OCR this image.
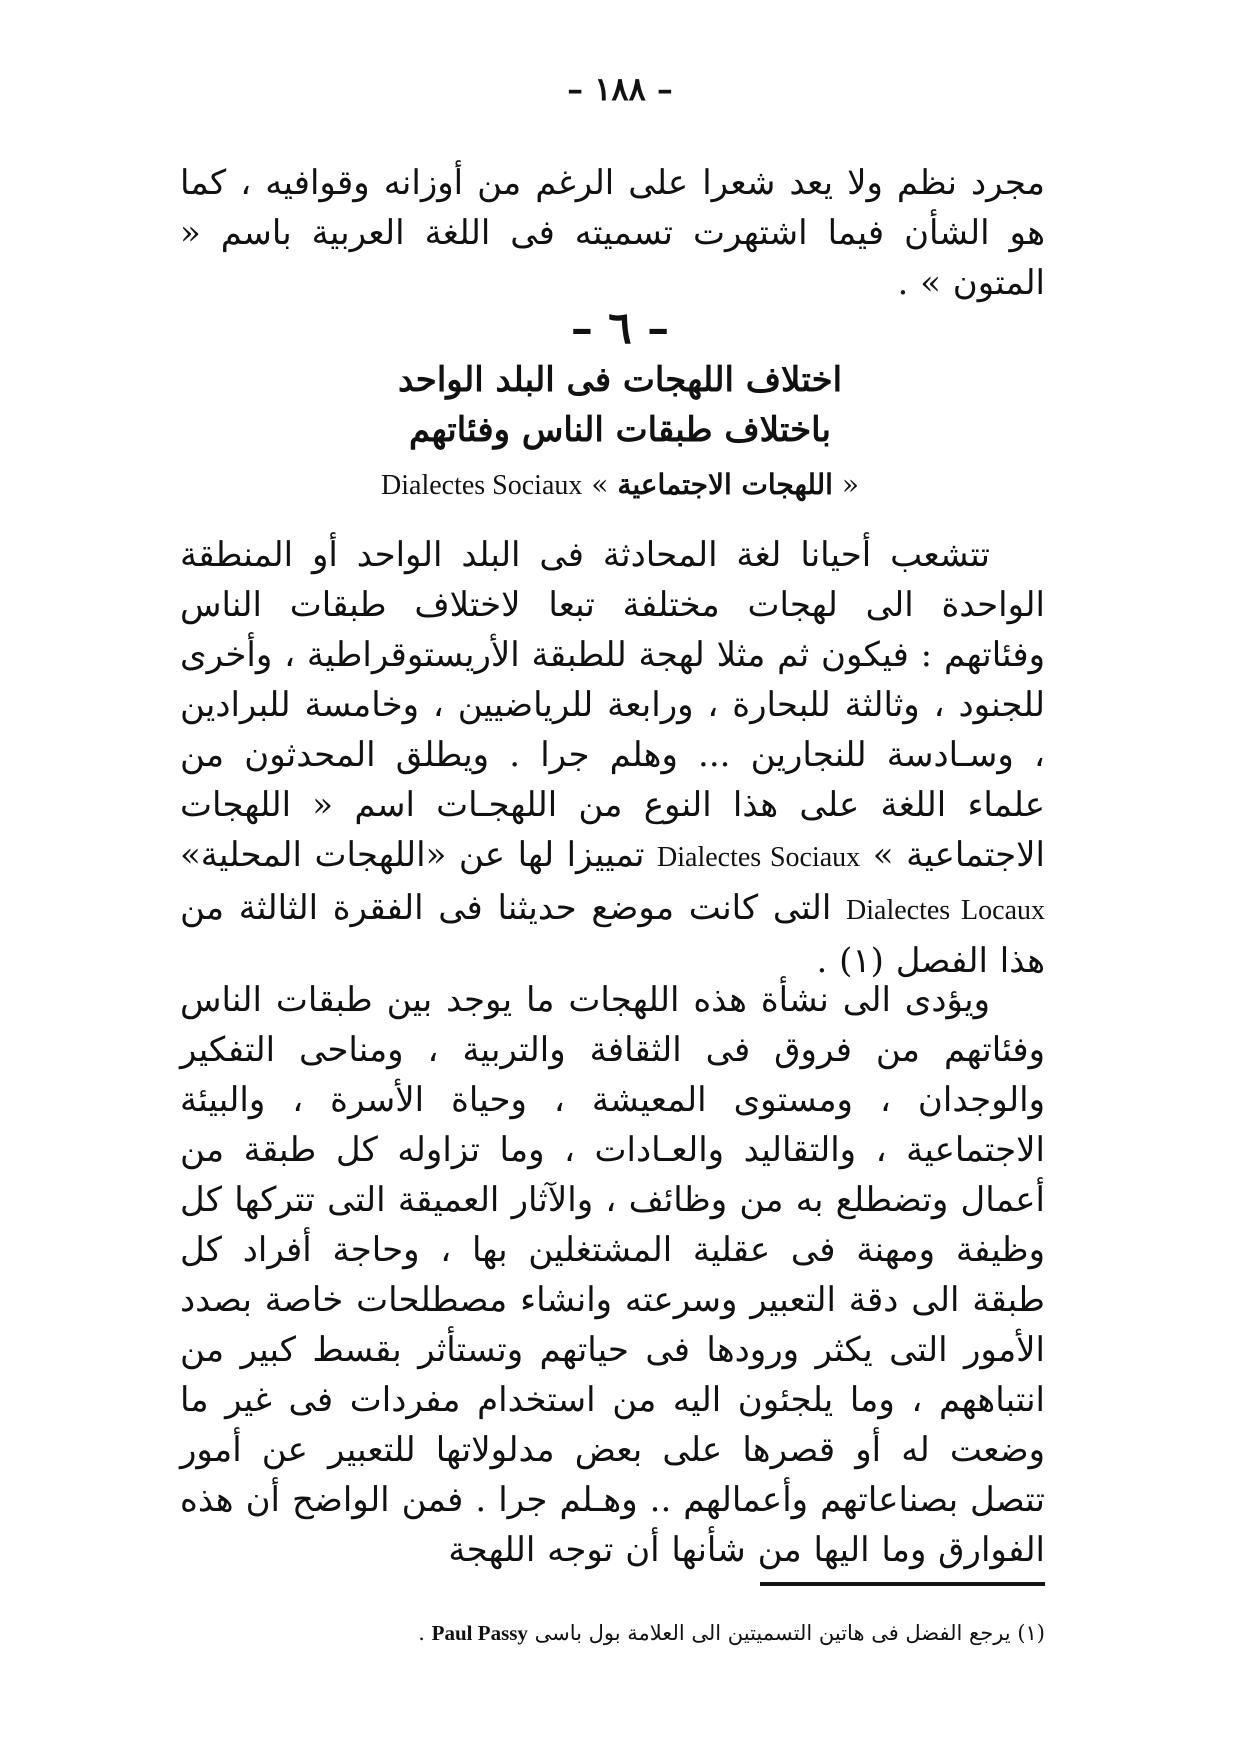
– ١٨٨ –

مجرد نظم ولا يعد شعرا على الرغم من أوزانه وقوافيه ، كما هو الشأن فيما اشتهرت تسميته فى اللغة العربية باسم « المتون » .

– ٦ –
اختلاف اللهجات فى البلد الواحد
باختلاف طبقات الناس وفئاتهم
« اللهجات الاجتماعية » Dialectes Sociaux

تتشعب أحيانا لغة المحادثة فى البلد الواحد أو المنطقة الواحدة الى لهجات مختلفة تبعا لاختلاف طبقات الناس وفئاتهم : فيكون ثم مثلا لهجة للطبقة الأريستوقراطية ، وأخرى للجنود ، وثالثة للبحارة ، ورابعة للرياضيين ، وخامسة للبرادين ، وسـادسة للنجارين ... وهلم جرا . ويطلق المحدثون من علماء اللغة على هذا النوع من اللهجـات اسم « اللهجات الاجتماعية » Dialectes Sociaux تمييزا لها عن «اللهجات المحلية» Dialectes Locaux التى كانت موضع حديثنا فى الفقرة الثالثة من هذا الفصل (١) .

ويؤدى الى نشأة هذه اللهجات ما يوجد بين طبقات الناس وفئاتهم من فروق فى الثقافة والتربية ، ومناحى التفكير والوجدان ، ومستوى المعيشة ، وحياة الأسرة ، والبيئة الاجتماعية ، والتقاليد والعـادات ، وما تزاوله كل طبقة من أعمال وتضطلع به من وظائف ، والآثار العميقة التى تتركها كل وظيفة ومهنة فى عقلية المشتغلين بها ، وحاجة أفراد كل طبقة الى دقة التعبير وسرعته وانشاء مصطلحات خاصة بصدد الأمور التى يكثر ورودها فى حياتهم وتستأثر بقسط كبير من انتباههم ، وما يلجئون اليه من استخدام مفردات فى غير ما وضعت له أو قصرها على بعض مدلولاتها للتعبير عن أمور تتصل بصناعاتهم وأعمالهم .. وهـلم جرا . فمن الواضح أن هذه الفوارق وما اليها من شأنها أن توجه اللهجة

(١) يرجع الفضل فى هاتين التسميتين الى العلامة بول باسى Paul Passy .
